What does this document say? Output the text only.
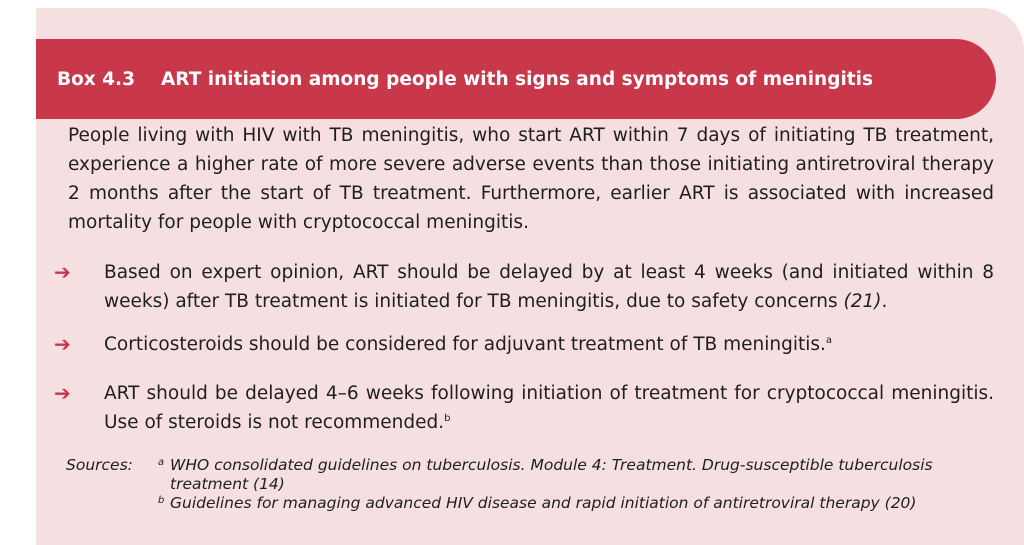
Box 4.3 ART initiation among people with signs and symptoms of meningitis
People living with HIV with TB meningitis, who start ART within 7 days of initiating TB treatment, experience a higher rate of more severe adverse events than those initiating antiretroviral therapy 2 months after the start of TB treatment. Furthermore, earlier ART is associated with increased mortality for people with cryptococcal meningitis.
➔	Based on expert opinion, ART should be delayed by at least 4 weeks (and initiated within 8 weeks) after TB treatment is initiated for TB meningitis, due to safety concerns (21).
➔	Corticosteroids should be considered for adjuvant treatment of TB meningitis.$^a$
➔	ART should be delayed 4–6 weeks following initiation of treatment for cryptococcal meningitis. Use of steroids is not recommended.$^b$
Sources:	a WHO consolidated guidelines on tuberculosis. Module 4: Treatment. Drug-susceptible tuberculosis treatment (14)
b Guidelines for managing advanced HIV disease and rapid initiation of antiretroviral therapy (20)
